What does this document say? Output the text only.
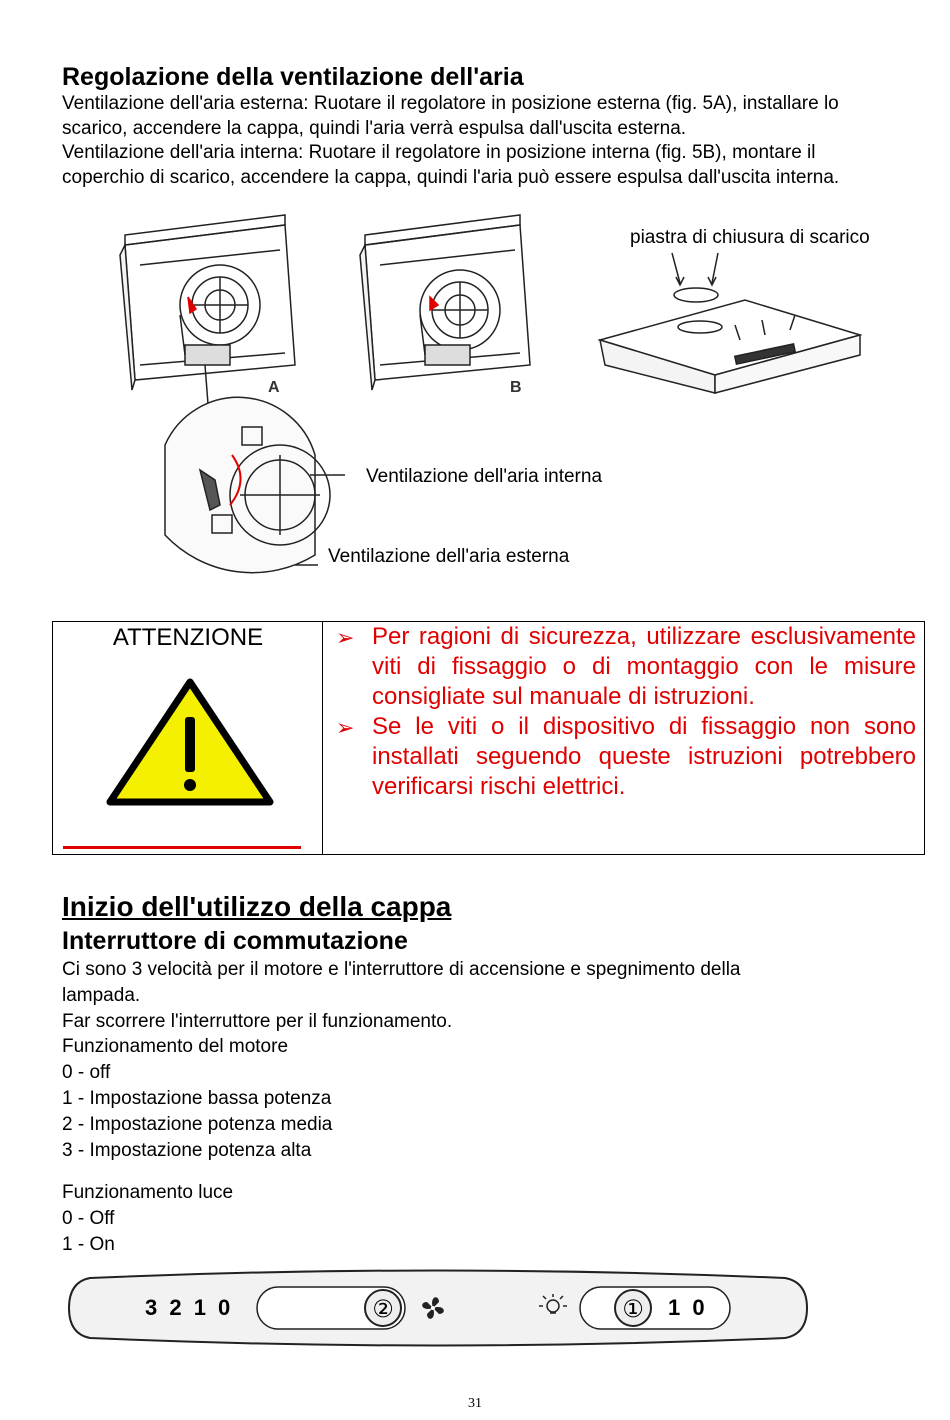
Regolazione della ventilazione dell'aria
Ventilazione dell'aria esterna: Ruotare il regolatore in posizione esterna (fig. 5A), installare lo
scarico, accendere la cappa, quindi l'aria verrà espulsa dall'uscita esterna.
Ventilazione dell'aria interna: Ruotare il regolatore in posizione interna (fig. 5B), montare il
coperchio di scarico, accendere la cappa, quindi l'aria può essere espulsa dall'uscita interna.
A	B
piastra di chiusura di scarico
Ventilazione dell'aria interna
Ventilazione dell'aria esterna
ATTENZIONE	➢ Per ragioni di sicurezza, utilizzare esclusivamente viti di fissaggio o di montaggio con le misure consigliate sul manuale di istruzioni.
➢ Se le viti o il dispositivo di fissaggio non sono installati seguendo queste istruzioni potrebbero verificarsi rischi elettrici.
Inizio dell'utilizzo della cappa
Interruttore di commutazione
Ci sono 3 velocità per il motore e l'interruttore di accensione e spegnimento della
lampada.
Far scorrere l'interruttore per il funzionamento.
Funzionamento del motore
0 - off
1 - Impostazione bassa potenza
2 - Impostazione potenza media
3 - Impostazione potenza alta
Funzionamento luce
0 - Off
1 - On
3 2 1 0	②	① 1 0
31
